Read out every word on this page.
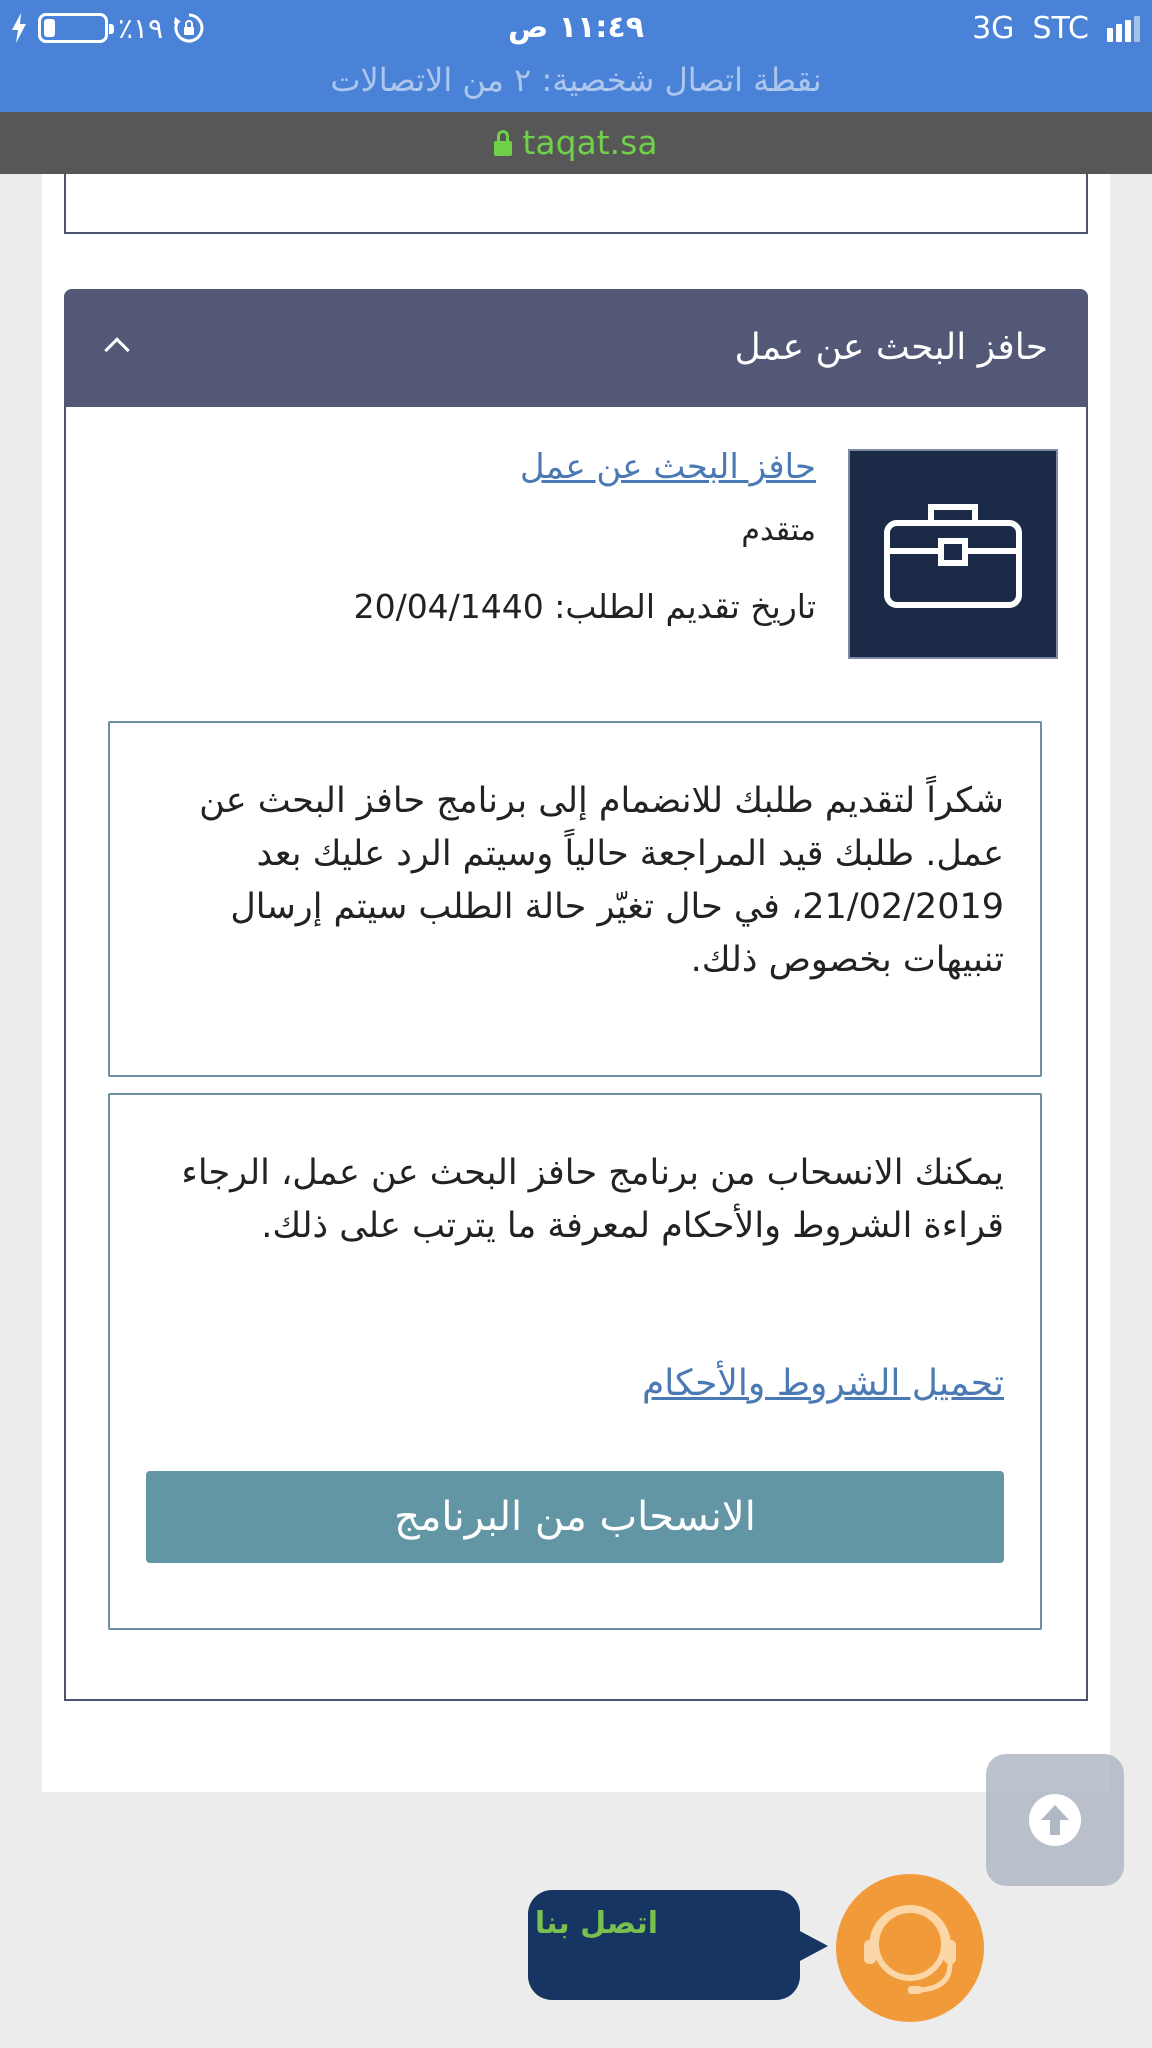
٪١٩	١١:٤٩ ص	3G STC
نقطة اتصال شخصية: ٢ من الاتصالات
taqat.sa
حافز البحث عن عمل
حافز البحث عن عمل
متقدم
تاريخ تقديم الطلب: 20/04/1440

شكراً لتقديم طلبك للانضمام إلى برنامج حافز البحث عن عمل. طلبك قيد المراجعة حالياً وسيتم الرد عليك بعد 21/02/2019، في حال تغيّر حالة الطلب سيتم إرسال تنبيهات بخصوص ذلك.

يمكنك الانسحاب من برنامج حافز البحث عن عمل، الرجاء قراءة الشروط والأحكام لمعرفة ما يترتب على ذلك.

تحميل الشروط والأحكام
الانسحاب من البرنامج
اتصل بنا
